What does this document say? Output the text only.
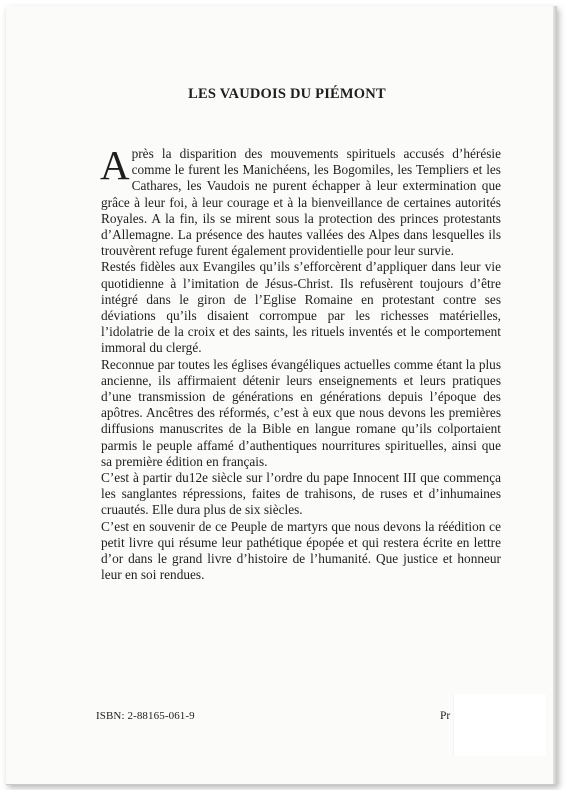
LES VAUDOIS DU PIÉMONT

Après la disparition des mouvements spirituels accusés d’hérésie comme le furent les Manichéens, les Bogomiles, les Templiers et les Cathares, les Vaudois ne purent échapper à leur extermination que grâce à leur foi, à leur courage et à la bienveillance de certaines autorités Royales. A la fin, ils se mirent sous la protection des princes protestants d’Allemagne. La présence des hautes vallées des Alpes dans lesquelles ils trouvèrent refuge furent également providentielle pour leur survie.

Restés fidèles aux Evangiles qu’ils s’efforcèrent d’appliquer dans leur vie quotidienne à l’imitation de Jésus-Christ. Ils refusèrent toujours d’être intégré dans le giron de l’Eglise Romaine en protestant contre ses déviations qu’ils disaient corrompue par les richesses matérielles, l’idolatrie de la croix et des saints, les rituels inventés et le comportement immoral du clergé.

Reconnue par toutes les églises évangéliques actuelles comme étant la plus ancienne, ils affirmaient détenir leurs enseignements et leurs pratiques d’une transmission de générations en générations depuis l’époque des apôtres. Ancêtres des réformés, c’est à eux que nous devons les premières diffusions manuscrites de la Bible en langue romane qu’ils colportaient parmis le peuple affamé d’authentiques nourritures spirituelles, ainsi que sa première édition en français.

C’est à partir du12e siècle sur l’ordre du pape Innocent III que commença les sanglantes répressions, faites de trahisons, de ruses et d’inhumaines cruautés. Elle dura plus de six siècles.

C’est en souvenir de ce Peuple de martyrs que nous devons la réédition ce petit livre qui résume leur pathétique épopée et qui restera écrite en lettre d’or dans le grand livre d’histoire de l’humanité. Que justice et honneur leur en soi rendues.

ISBN: 2-88165-061-9	Pr
